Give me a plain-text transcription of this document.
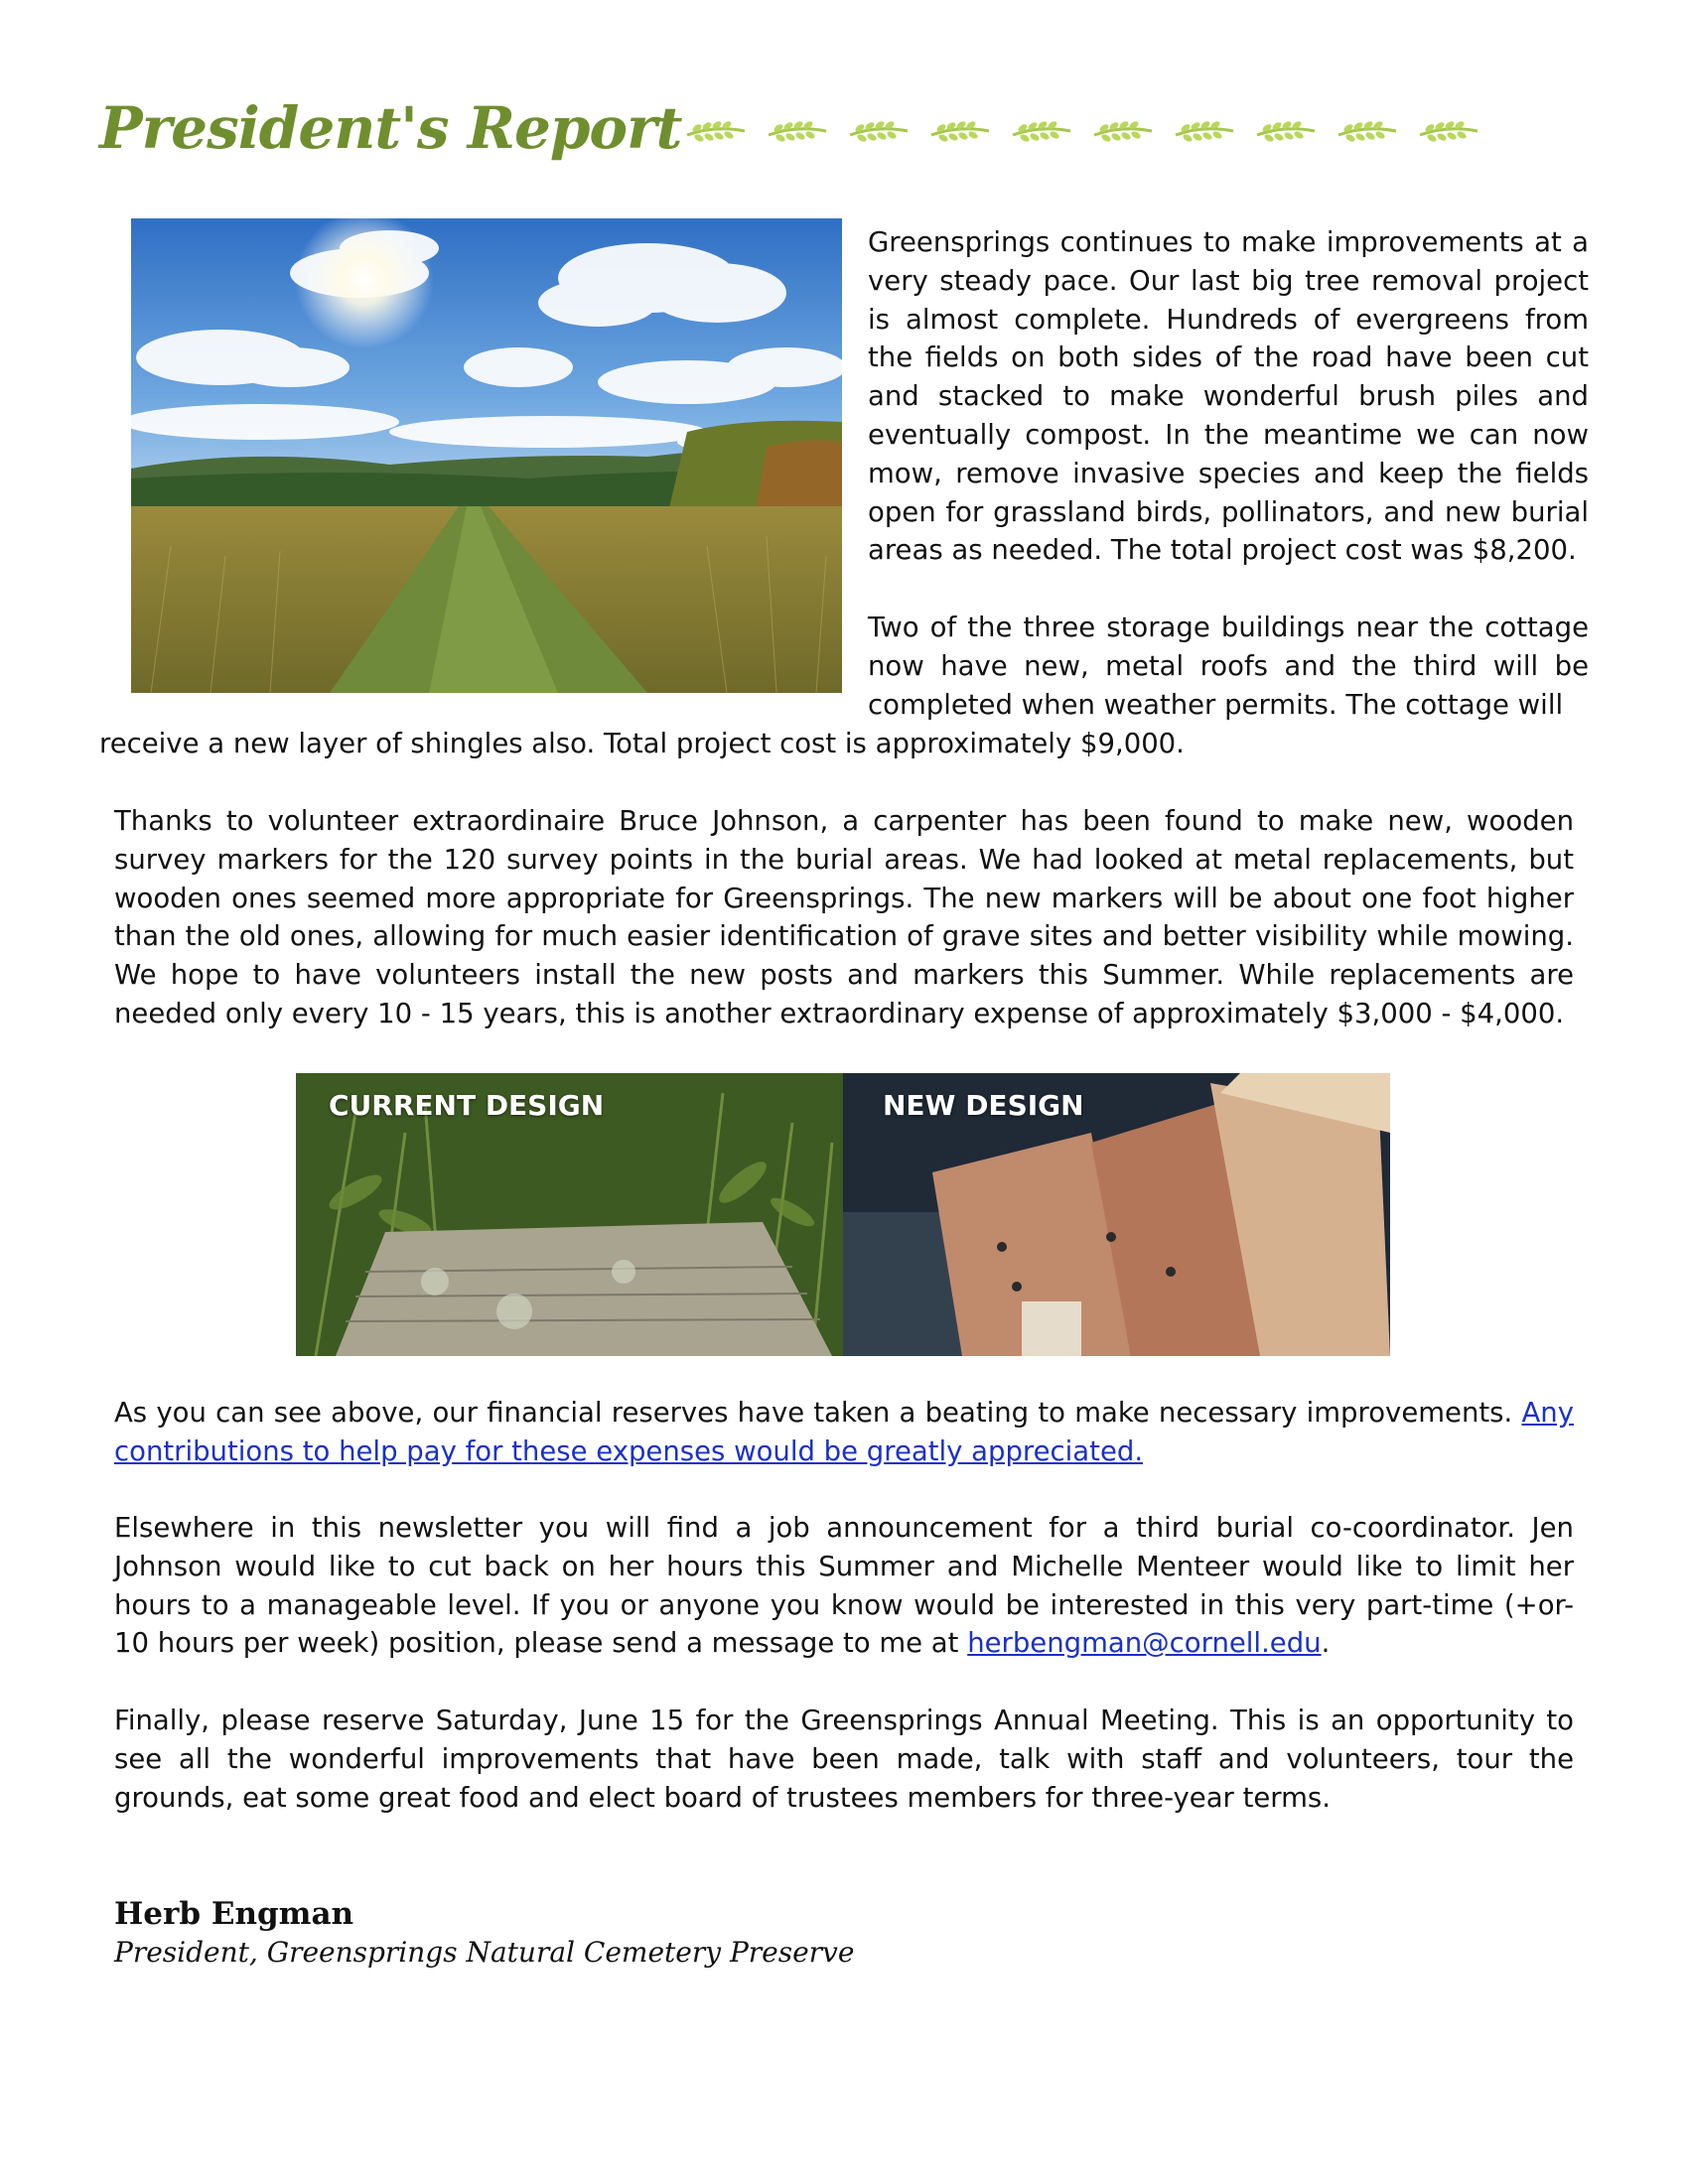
President's Report
Greensprings continues to make improvements at a very steady pace. Our last big tree removal project is almost complete. Hundreds of evergreens from the fields on both sides of the road have been cut and stacked to make wonderful brush piles and eventually compost. In the meantime we can now mow, remove invasive species and keep the fields open for grassland birds, pollinators, and new burial areas as needed. The total project cost was $8,200.
Two of the three storage buildings near the cottage now have new, metal roofs and the third will be completed when weather permits. The cottage will
receive a new layer of shingles also. Total project cost is approximately $9,000.
Thanks to volunteer extraordinaire Bruce Johnson, a carpenter has been found to make new, wooden survey markers for the 120 survey points in the burial areas. We had looked at metal replacements, but wooden ones seemed more appropriate for Greensprings. The new markers will be about one foot higher than the old ones, allowing for much easier identification of grave sites and better visibility while mowing. We hope to have volunteers install the new posts and markers this Summer. While replacements are needed only every 10 - 15 years, this is another extraordinary expense of approximately $3,000 - $4,000.
CURRENT DESIGN	NEW DESIGN
As you can see above, our financial reserves have taken a beating to make necessary improvements. Any contributions to help pay for these expenses would be greatly appreciated.
Elsewhere in this newsletter you will find a job announcement for a third burial co-coordinator. Jen Johnson would like to cut back on her hours this Summer and Michelle Menteer would like to limit her hours to a manageable level. If you or anyone you know would be interested in this very part-time (+or- 10 hours per week) position, please send a message to me at herbengman@cornell.edu.
Finally, please reserve Saturday, June 15 for the Greensprings Annual Meeting. This is an opportunity to see all the wonderful improvements that have been made, talk with staff and volunteers, tour the grounds, eat some great food and elect board of trustees members for three-year terms.
Herb Engman
President, Greensprings Natural Cemetery Preserve
